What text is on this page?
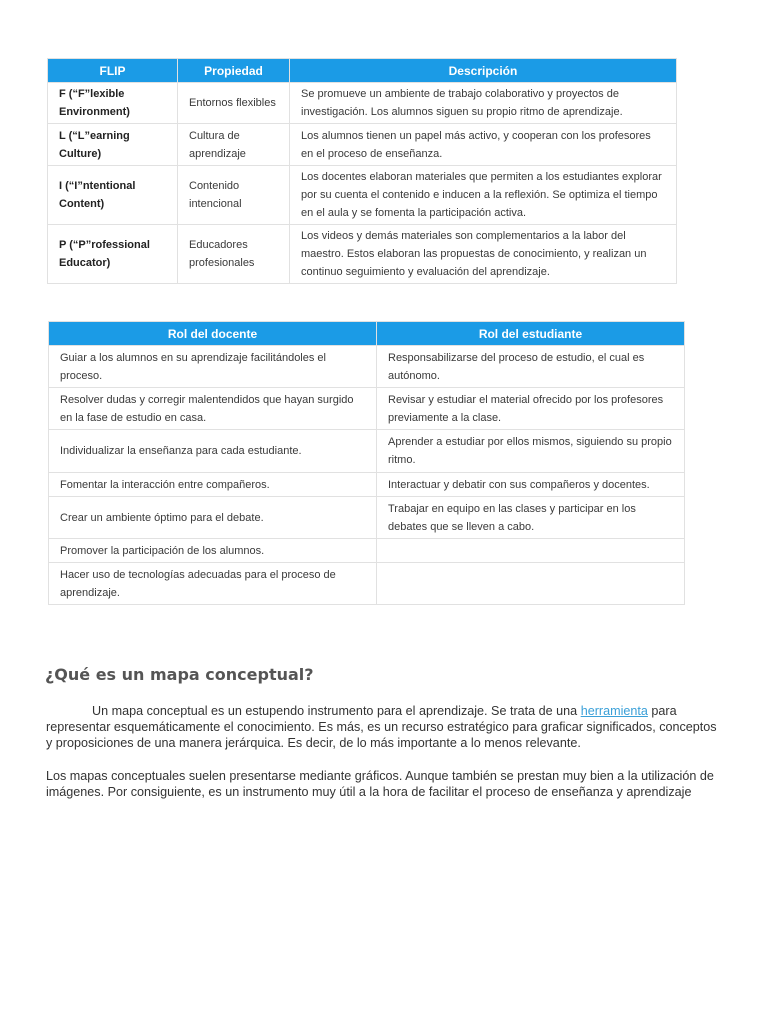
FLIP	Propiedad	Descripción
F (“F”lexible Environment)	Entornos flexibles	Se promueve un ambiente de trabajo colaborativo y proyectos de investigación. Los alumnos siguen su propio ritmo de aprendizaje.
L (“L”earning Culture)	Cultura de aprendizaje	Los alumnos tienen un papel más activo, y cooperan con los profesores en el proceso de enseñanza.
I (“I”ntentional Content)	Contenido intencional	Los docentes elaboran materiales que permiten a los estudiantes explorar por su cuenta el contenido e inducen a la reflexión. Se optimiza el tiempo en el aula y se fomenta la participación activa.
P (“P”rofessional Educator)	Educadores profesionales	Los videos y demás materiales son complementarios a la labor del maestro. Estos elaboran las propuestas de conocimiento, y realizan un continuo seguimiento y evaluación del aprendizaje.
Rol del docente	Rol del estudiante
Guiar a los alumnos en su aprendizaje facilitándoles el proceso.	Responsabilizarse del proceso de estudio, el cual es autónomo.
Resolver dudas y corregir malentendidos que hayan surgido en la fase de estudio en casa.	Revisar y estudiar el material ofrecido por los profesores previamente a la clase.
Individualizar la enseñanza para cada estudiante.	Aprender a estudiar por ellos mismos, siguiendo su propio ritmo.
Fomentar la interacción entre compañeros.	Interactuar y debatir con sus compañeros y docentes.
Crear un ambiente óptimo para el debate.	Trabajar en equipo en las clases y participar en los debates que se lleven a cabo.
Promover la participación de los alumnos.	
Hacer uso de tecnologías adecuadas para el proceso de aprendizaje.	
¿Qué es un mapa conceptual?

Un mapa conceptual es un estupendo instrumento para el aprendizaje. Se trata de una herramienta para representar esquemáticamente el conocimiento. Es más, es un recurso estratégico para graficar significados, conceptos y proposiciones de una manera jerárquica. Es decir, de lo más importante a lo menos relevante.

Los mapas conceptuales suelen presentarse mediante gráficos. Aunque también se prestan muy bien a la utilización de imágenes. Por consiguiente, es un instrumento muy útil a la hora de facilitar el proceso de enseñanza y aprendizaje
